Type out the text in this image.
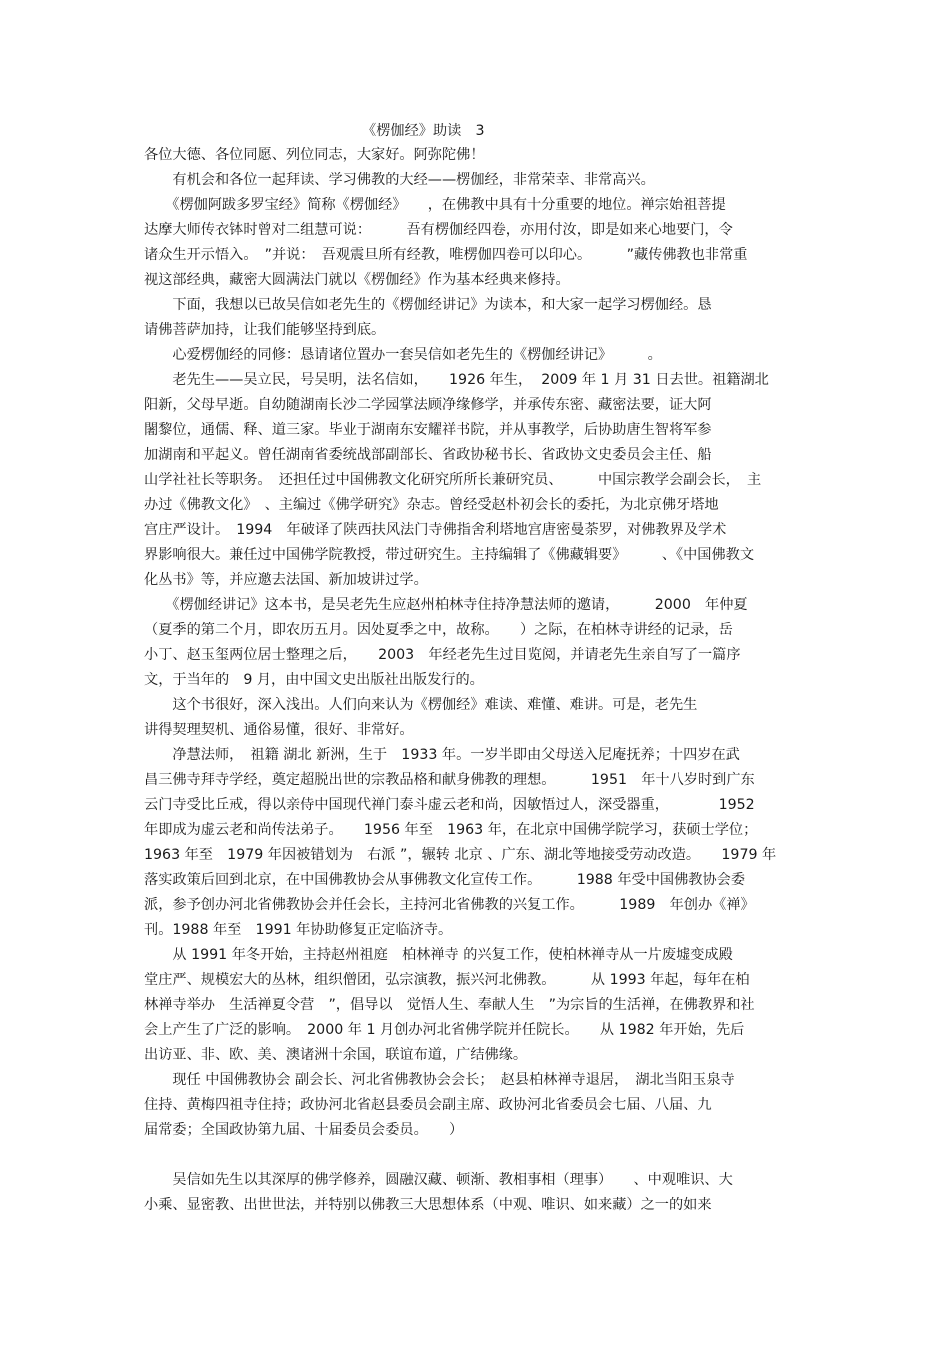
《楞伽经》助读　3
各位大德、各位同愿、列位同志，大家好。阿弥陀佛！
　　有机会和各位一起拜读、学习佛教的大经——楞伽经，非常荣幸、非常高兴。
　　《楞伽阿跋多罗宝经》简称《楞伽经》　　，在佛教中具有十分重要的地位。禅宗始祖菩提
达摩大师传衣钵时曾对二组慧可说：　　　吾有楞伽经四卷，亦用付汝，即是如来心地要门，令
诸众生开示悟入。　”并说：　吾观震旦所有经教，唯楞伽四卷可以印心。　　　”藏传佛教也非常重
视这部经典，藏密大圆满法门就以《楞伽经》作为基本经典来修持。
　　下面，我想以已故吴信如老先生的《楞伽经讲记》为读本，和大家一起学习楞伽经。恳
请佛菩萨加持，让我们能够坚持到底。
　　心爱楞伽经的同修：恳请诸位置办一套吴信如老先生的《楞伽经讲记》　　　。
　　老先生——吴立民，号吴明，法名信如，　　1926 年生，  2009 年 1 月 31 日去世。祖籍湖北
阳新，父母早逝。自幼随湖南长沙二学园掌法顾净缘修学，并承传东密、藏密法要，证大阿
闍黎位，通儒、释、道三家。毕业于湖南东安耀祥书院，并从事教学，后协助唐生智将军参
加湖南和平起义。曾任湖南省委统战部副部长、省政协秘书长、省政协文史委员会主任、船
山学社社长等职务。　还担任过中国佛教文化研究所所长兼研究员、　　　中国宗教学会副会长，　主
办过《佛教文化》　、主编过《佛学研究》杂志。曾经受赵朴初会长的委托，为北京佛牙塔地
宫庄严设计。　1994　年破译了陕西扶风法门寺佛指舍利塔地宫唐密曼荼罗，对佛教界及学术
界影响很大。兼任过中国佛学院教授，带过研究生。主持编辑了《佛藏辑要》　　　、《中国佛教文
化丛书》等，并应邀去法国、新加坡讲过学。
　　《楞伽经讲记》这本书，是吴老先生应赵州柏林寺住持净慧法师的邀请，　　　2000　年仲夏
（夏季的第二个月，即农历五月。因处夏季之中，故称。　　）之际，在柏林寺讲经的记录，岳
小丁、赵玉玺两位居士整理之后，　　2003　年经老先生过目览阅，并请老先生亲自写了一篇序
文，于当年的　9 月，由中国文史出版社出版发行的。
　　这个书很好，深入浅出。人们向来认为《楞伽经》难读、难懂、难讲。可是，老先生
讲得契理契机、通俗易懂，很好、非常好。
　　净慧法师，　祖籍 湖北 新洲，生于　1933 年。一岁半即由父母送入尼庵抚养；十四岁在武
昌三佛寺拜寺学经，奠定超脱出世的宗教品格和献身佛教的理想。　　　1951　年十八岁时到广东
云门寺受比丘戒，得以亲侍中国现代禅门泰斗虚云老和尚，因敏悟过人，深受器重，　　　　1952
年即成为虚云老和尚传法弟子。　　1956 年至　1963 年，在北京中国佛学院学习，获硕士学位；
1963 年至　1979 年因被错划为　右派 ”，辗转 北京 、广东、湖北等地接受劳动改造。　　1979 年
落实政策后回到北京，在中国佛教协会从事佛教文化宣传工作。　　　1988 年受中国佛教协会委
派，参予创办河北省佛教协会并任会长，主持河北省佛教的兴复工作。　　　1989　年创办《禅》
刊。1988 年至　1991 年协助修复正定临济寺。
　　从 1991 年冬开始，主持赵州祖庭　柏林禅寺 的兴复工作，使柏林禅寺从一片废墟变成殿
堂庄严、规模宏大的丛林，组织僧团，弘宗演教，振兴河北佛教。　　　从 1993 年起，每年在柏
林禅寺举办　生活禅夏令营　”，倡导以　觉悟人生、奉献人生　”为宗旨的生活禅，在佛教界和社
会上产生了广泛的影响。　2000 年 1 月创办河北省佛学院并任院长。　　从 1982 年开始，先后
出访亚、非、欧、美、澳诸洲十余国，联谊布道，广结佛缘。
　　现任 中国佛教协会 副会长、河北省佛教协会会长；　赵县柏林禅寺退居，　湖北当阳玉泉寺
住持、黄梅四祖寺住持；政协河北省赵县委员会副主席、政协河北省委员会七届、八届、九
届常委；全国政协第九届、十届委员会委员。　　）
　　吴信如先生以其深厚的佛学修养，圆融汉藏、顿渐、教相事相（理事）　　、中观唯识、大
小乘、显密教、出世世法，并特别以佛教三大思想体系（中观、唯识、如来藏）之一的如来
